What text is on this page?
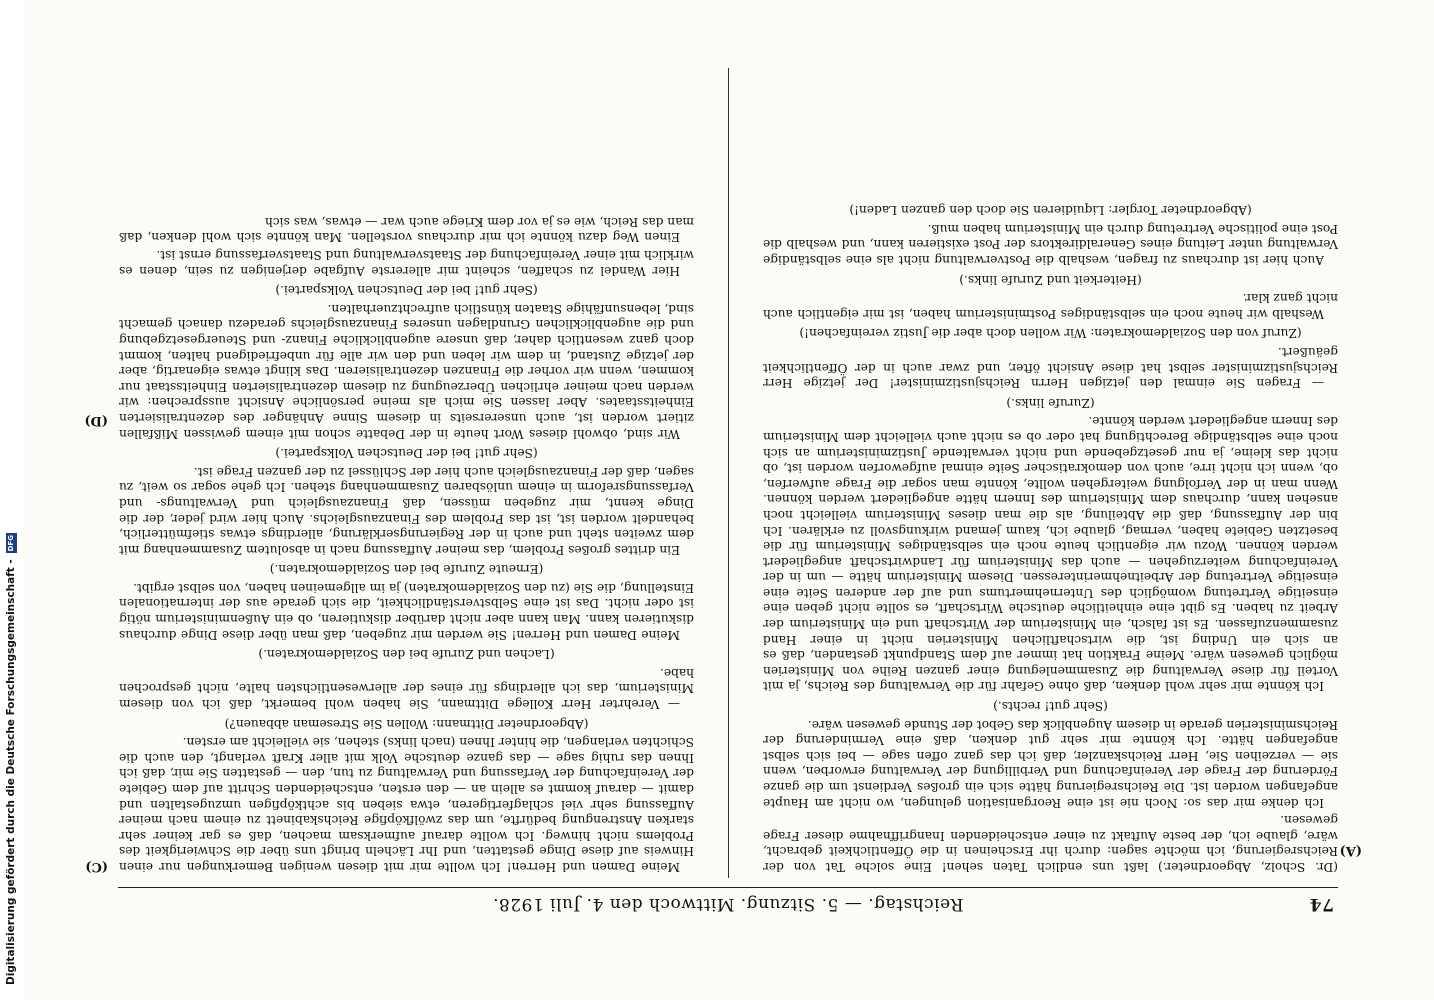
74
Reichstag. — 5. Sitzung. Mittwoch den 4. Juli 1928.
(A)
(C)
(D)

(Dr. Scholz, Abgeordneter.) laßt uns endlich Taten sehen! Eine solche Tat von der Reichsregierung, ich möchte sagen: durch ihr Erscheinen in die Öffentlichkeit gebracht, wäre, glaube ich, der beste Auftakt zu einer entscheidenden Inangriffnahme dieser Frage gewesen.

Ich denke mir das so: Noch nie ist eine Reorganisation gelungen, wo nicht am Haupte angefangen worden ist. Die Reichsregierung hätte sich ein großes Verdienst um die ganze Förderung der Frage der Vereinfachung und Verbilligung der Verwaltung erworben, wenn sie — verzeihen Sie, Herr Reichskanzler, daß ich das ganz offen sage — bei sich selbst angefangen hätte. Ich könnte mir sehr gut denken, daß eine Verminderung der Reichsministerien gerade in diesem Augenblick das Gebot der Stunde gewesen wäre.

(Sehr gut! rechts.)

Ich könnte mir sehr wohl denken, daß ohne Gefahr für die Verwaltung des Reichs, ja mit Vorteil für diese Verwaltung die Zusammenlegung einer ganzen Reihe von Ministerien möglich gewesen wäre. Meine Fraktion hat immer auf dem Standpunkt gestanden, daß es an sich ein Unding ist, die wirtschaftlichen Ministerien nicht in einer Hand zusammenzufassen. Es ist falsch, ein Ministerium der Wirtschaft und ein Ministerium der Arbeit zu haben. Es gibt eine einheitliche deutsche Wirtschaft, es sollte nicht geben eine einseitige Vertretung womöglich des Unternehmertums und auf der anderen Seite eine einseitige Vertretung der Arbeitnehmerinteressen. Diesem Ministerium hätte — um in der Vereinfachung weiterzugehen — auch das Ministerium für Landwirtschaft angegliedert werden können. Wozu wir eigentlich heute noch ein selbständiges Ministerium für die besetzten Gebiete haben, vermag, glaube ich, kaum jemand wirkungsvoll zu erklären. Ich bin der Auffassung, daß die Abteilung, als die man dieses Ministerium vielleicht noch ansehen kann, durchaus dem Ministerium des Innern hätte angegliedert werden können. Wenn man in der Verfolgung weitergehen wollte, könnte man sogar die Frage aufwerfen, ob, wenn ich nicht irre, auch von demokratischer Seite einmal aufgeworfen worden ist, ob nicht das kleine, ja nur gesetzgebende und nicht verwaltende Justizministerium an sich noch eine selbständige Berechtigung hat oder ob es nicht auch vielleicht dem Ministerium des Innern angegliedert werden könnte.

(Zurufe links.)

— Fragen Sie einmal den jetzigen Herrn Reichsjustizminister! Der jetzige Herr Reichsjustizminister selbst hat diese Ansicht öfter, und zwar auch in der Öffentlichkeit geäußert.

(Zuruf von den Sozialdemokraten: Wir wollen doch aber die Justiz vereinfachen!)

Weshalb wir heute noch ein selbständiges Postministerium haben, ist mir eigentlich auch nicht ganz klar.

(Heiterkeit und Zurufe links.)

Auch hier ist durchaus zu fragen, weshalb die Postverwaltung nicht als eine selbständige Verwaltung unter Leitung eines Generaldirektors der Post existieren kann, und weshalb die Post eine politische Vertretung durch ein Ministerium haben muß.

(Abgeordneter Torgler: Liquidieren Sie doch den ganzen Laden!)

Meine Damen und Herren! Ich wollte mir mit diesen wenigen Bemerkungen nur einen Hinweis auf diese Dinge gestatten, und Ihr Lächeln bringt uns über die Schwierigkeit des Problems nicht hinweg. Ich wollte darauf aufmerksam machen, daß es gar keiner sehr starken Anstrengung bedürfte, um das zwölfköpfige Reichskabinett zu einem nach meiner Auffassung sehr viel schlagfertigeren, etwa sieben bis achtköpfigen umzugestalten und damit — darauf kommt es allein an — den ersten, entscheidenden Schritt auf dem Gebiete der Vereinfachung der Verfassung und Verwaltung zu tun, den — gestatten Sie mir, daß ich Ihnen das ruhig sage — das ganze deutsche Volk mit aller Kraft verlangt, den auch die Schichten verlangen, die hinter Ihnen (nach links) stehen, sie vielleicht am ersten.

(Abgeordneter Dittmann: Wollen Sie Streseman abbauen?)

— Verehrter Herr Kollege Dittmann, Sie haben wohl bemerkt, daß ich von diesem Ministerium, das ich allerdings für eines der allerwesentlichsten halte, nicht gesprochen habe.

(Lachen und Zurufe bei den Sozialdemokraten.)

Meine Damen und Herren! Sie werden mir zugeben, daß man über diese Dinge durchaus diskutieren kann. Man kann aber nicht darüber diskutieren, ob ein Außenministerium nötig ist oder nicht. Das ist eine Selbstverständlichkeit, die sich gerade aus der internationalen Einstellung, die Sie (zu den Sozialdemokraten) ja im allgemeinen haben, von selbst ergibt.

(Erneute Zurufe bei den Sozialdemokraten.)

Ein drittes großes Problem, das meiner Auffassung nach in absolutem Zusammenhang mit dem zweiten steht und auch in der Regierungserklärung, allerdings etwas stiefmütterlich, behandelt worden ist, ist das Problem des Finanzausgleichs. Auch hier wird jeder, der die Dinge kennt, mir zugeben müssen, daß Finanzausgleich und Verwaltungs- und Verfassungsreform in einem unlösbaren Zusammenhang stehen. Ich gehe sogar so weit, zu sagen, daß der Finanzausgleich auch hier der Schlüssel zu der ganzen Frage ist.

(Sehr gut! bei der Deutschen Volkspartei.)

Wir sind, obwohl dieses Wort heute in der Debatte schon mit einem gewissen Mißfallen zitiert worden ist, auch unsererseits in diesem Sinne Anhänger des dezentralisierten Einheitsstaates. Aber lassen Sie mich als meine persönliche Ansicht aussprechen: wir werden nach meiner ehrlichen Überzeugung zu diesem dezentralisierten Einheitsstaat nur kommen, wenn wir vorher die Finanzen dezentralisieren. Das klingt etwas eigenartig, aber der jetzige Zustand, in dem wir leben und den wir alle für unbefriedigend halten, kommt doch ganz wesentlich daher, daß unsere augenblickliche Finanz- und Steuergesetzgebung und die augenblicklichen Grundlagen unseres Finanzausgleichs geradezu danach gemacht sind, lebensunfähige Staaten künstlich aufrechtzuerhalten.

(Sehr gut! bei der Deutschen Volkspartei.)

Hier Wandel zu schaffen, scheint mir allererste Aufgabe derjenigen zu sein, denen es wirklich mit einer Vereinfachung der Staatsverwaltung und Staatsverfassung ernst ist.

Einen Weg dazu könnte ich mir durchaus vorstellen. Man könnte sich wohl denken, daß man das Reich, wie es ja vor dem Kriege auch war — etwas, was sich

Digitalisierung gefördert durch die Deutsche Forschungsgemeinschaft -
DFG
